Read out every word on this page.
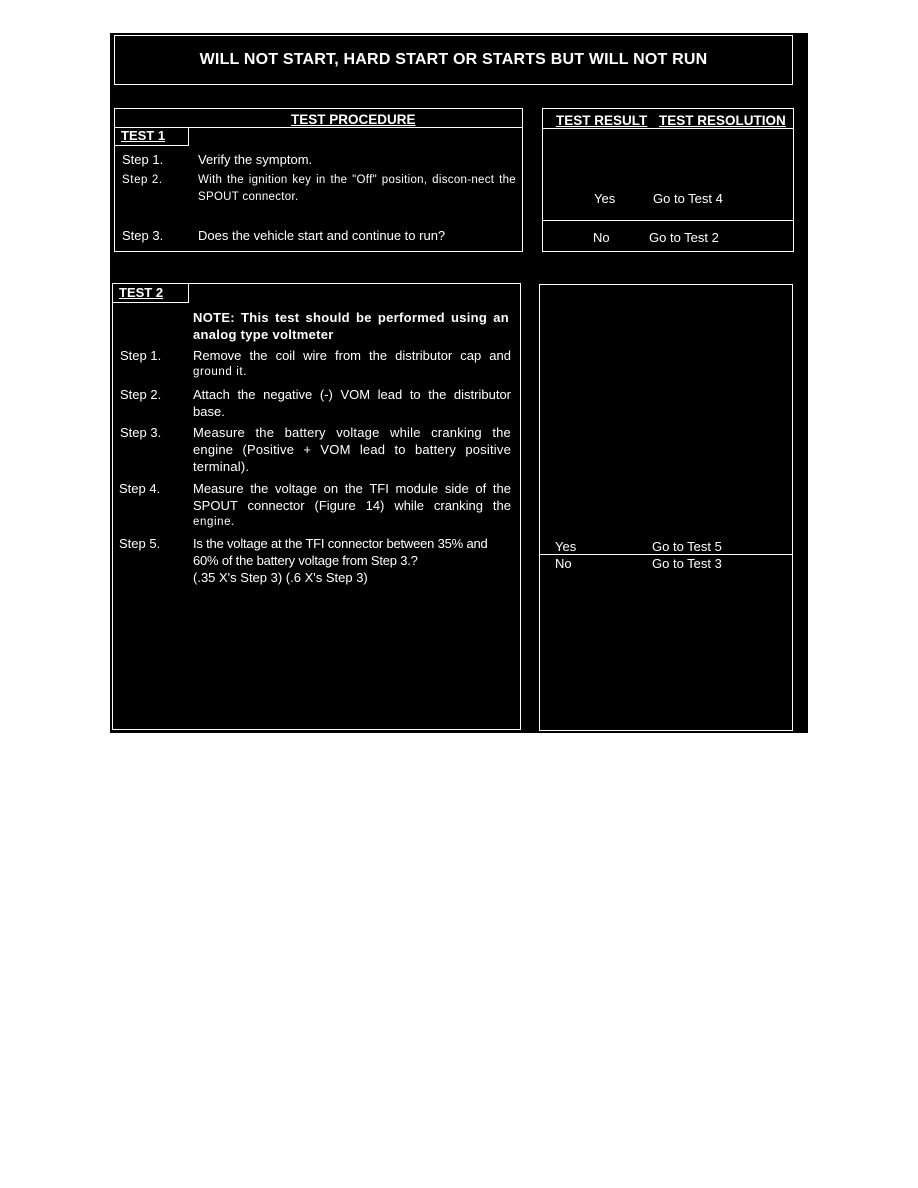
WILL NOT START, HARD START OR STARTS BUT WILL NOT RUN
TEST PROCEDURE
TEST 1
Step 1.	Verify the symptom.
Step 2.	With the ignition key in the "Off" position, discon-nect the SPOUT connector.
Step 3.	Does the vehicle start and continue to run?
TEST RESULT TEST RESOLUTION
Yes	Go to Test 4
No	Go to Test 2
TEST 2
NOTE: This test should be performed using an analog type voltmeter
Step 1. Remove the coil wire from the distributor cap and
ground it.
Step 2. Attach the negative (-) VOM lead to the distributor base.
Step 3. Measure the battery voltage while cranking the engine (Positive + VOM lead to battery positive terminal).
Step 4.	Measure the voltage on the TFI module side of the SPOUT connector (Figure 14) while cranking the
engine.
Step 5.	Is the voltage at the TFI connector between 35% and 60% of the battery voltage from Step 3.?
(.35 X's Step 3) (.6 X's Step 3)
Yes	Go to Test 5
No	Go to Test 3
